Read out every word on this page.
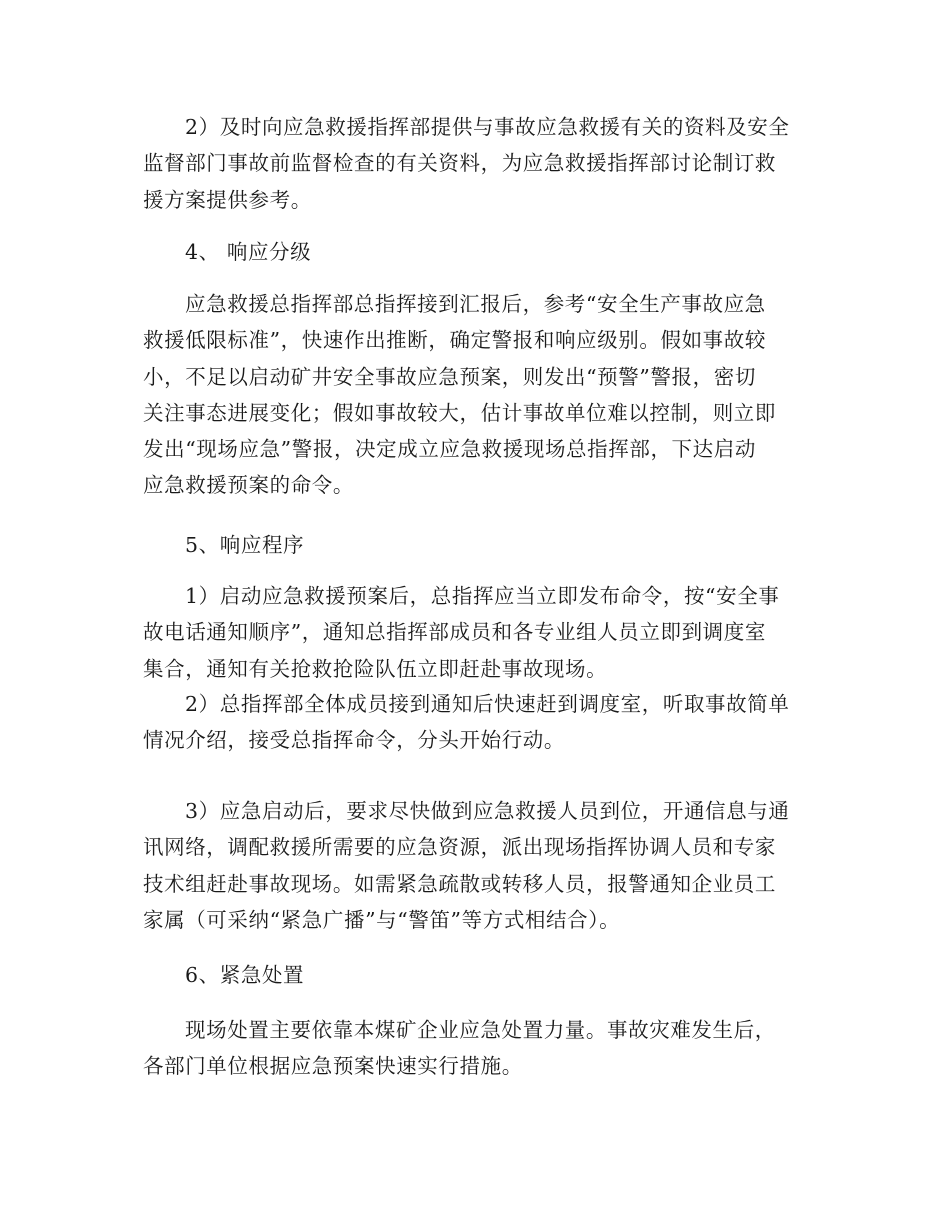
2）及时向应急救援指挥部提供与事故应急救援有关的资料及安全
监督部门事故前监督检查的有关资料，为应急救援指挥部讨论制订救
援方案提供参考。
4、 响应分级
应急救援总指挥部总指挥接到汇报后，参考“安全生产事故应急
救援低限标准”，快速作出推断，确定警报和响应级别。假如事故较
小，不足以启动矿井安全事故应急预案，则发出“预警”警报，密切
关注事态进展变化；假如事故较大，估计事故单位难以控制，则立即
发出“现场应急”警报，决定成立应急救援现场总指挥部，下达启动
应急救援预案的命令。
5、响应程序
1）启动应急救援预案后，总指挥应当立即发布命令，按“安全事
故电话通知顺序”，通知总指挥部成员和各专业组人员立即到调度室
集合，通知有关抢救抢险队伍立即赶赴事故现场。
2）总指挥部全体成员接到通知后快速赶到调度室，听取事故简单
情况介绍，接受总指挥命令，分头开始行动。
3）应急启动后，要求尽快做到应急救援人员到位，开通信息与通
讯网络，调配救援所需要的应急资源，派出现场指挥协调人员和专家
技术组赶赴事故现场。如需紧急疏散或转移人员，报警通知企业员工
家属（可采纳“紧急广播”与“警笛”等方式相结合）。
6、紧急处置
现场处置主要依靠本煤矿企业应急处置力量。事故灾难发生后，
各部门单位根据应急预案快速实行措施。
